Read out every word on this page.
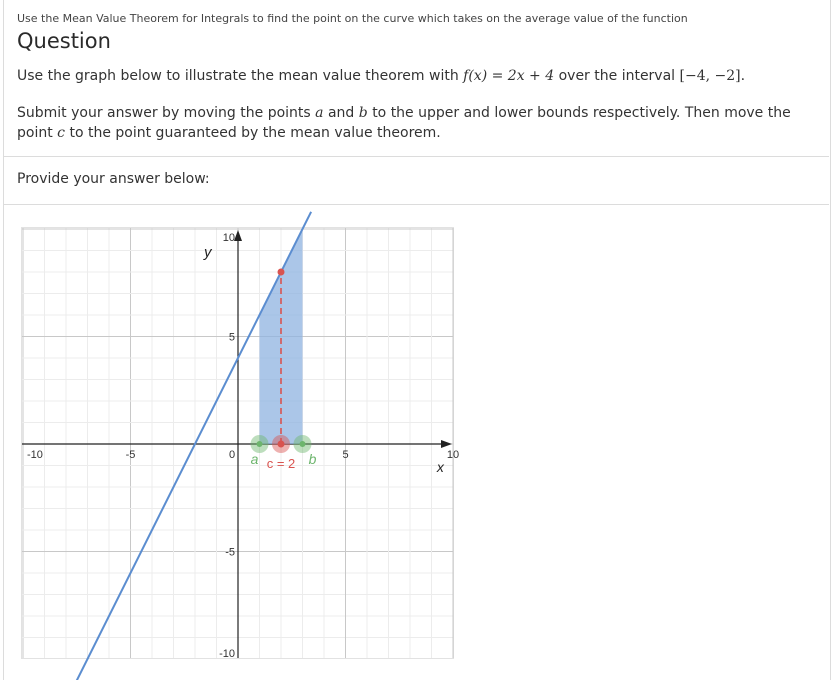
Use the Mean Value Theorem for Integrals to find the point on the curve which takes on the average value of the function
Question
Use the graph below to illustrate the mean value theorem with f(x) = 2x + 4 over the interval [−4, −2].
Submit your answer by moving the points a and b to the upper and lower bounds respectively. Then move the point c to the point guaranteed by the mean value theorem.
Provide your answer below:
-10	-5	0	5	10
10
5
-5
-10
x
y
a	b
c = 2
